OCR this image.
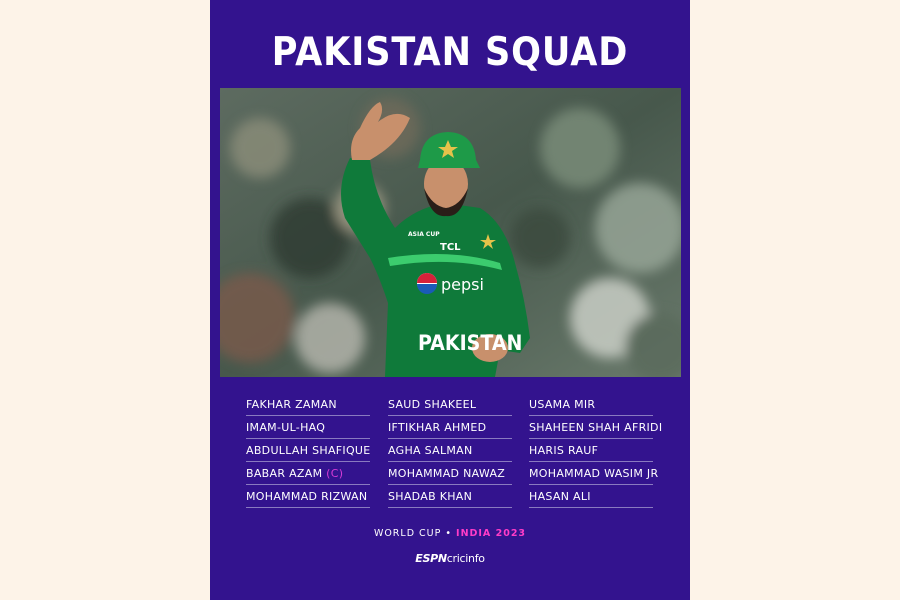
PAKISTAN SQUAD
TCL
ASIA CUP
pepsi
PAKISTAN
FAKHAR ZAMAN
IMAM-UL-HAQ
ABDULLAH SHAFIQUE
BABAR AZAM (C)
MOHAMMAD RIZWAN
SAUD SHAKEEL
IFTIKHAR AHMED
AGHA SALMAN
MOHAMMAD NAWAZ
SHADAB KHAN
USAMA MIR
SHAHEEN SHAH AFRIDI
HARIS RAUF
MOHAMMAD WASIM JR
HASAN ALI
WORLD CUP • INDIA 2023
ESPNcricinfo
